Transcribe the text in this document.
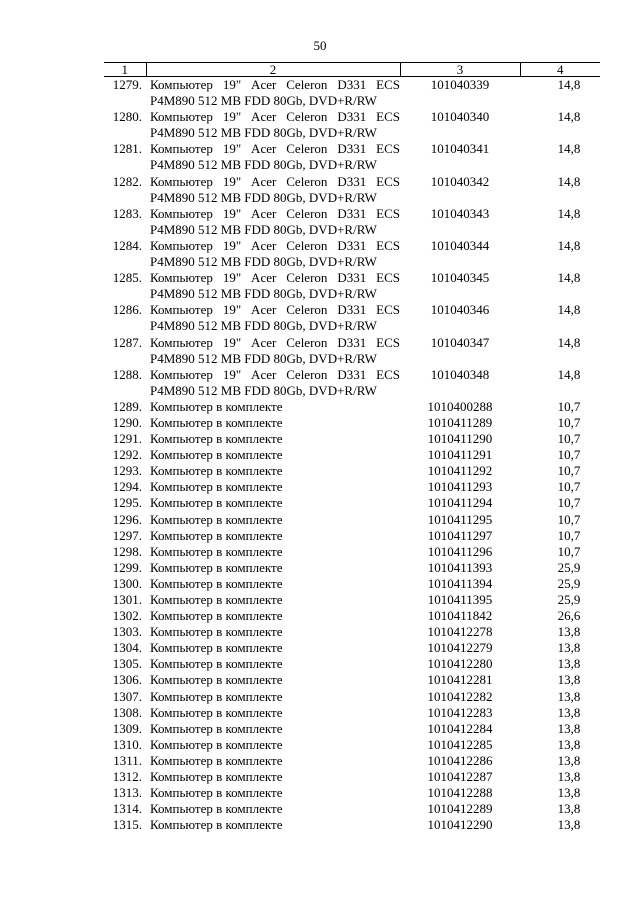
50
1	2	3	4
1279.	Компьютер 19" Acer Celeron D331 ECS
P4M890 512 MB FDD 80Gb, DVD+R/RW	101040339	14,8
1280.	Компьютер 19" Acer Celeron D331 ECS
P4M890 512 MB FDD 80Gb, DVD+R/RW	101040340	14,8
1281.	Компьютер 19" Acer Celeron D331 ECS
P4M890 512 MB FDD 80Gb, DVD+R/RW	101040341	14,8
1282.	Компьютер 19" Acer Celeron D331 ECS
P4M890 512 MB FDD 80Gb, DVD+R/RW	101040342	14,8
1283.	Компьютер 19" Acer Celeron D331 ECS
P4M890 512 MB FDD 80Gb, DVD+R/RW	101040343	14,8
1284.	Компьютер 19" Acer Celeron D331 ECS
P4M890 512 MB FDD 80Gb, DVD+R/RW	101040344	14,8
1285.	Компьютер 19" Acer Celeron D331 ECS
P4M890 512 MB FDD 80Gb, DVD+R/RW	101040345	14,8
1286.	Компьютер 19" Acer Celeron D331 ECS
P4M890 512 MB FDD 80Gb, DVD+R/RW	101040346	14,8
1287.	Компьютер 19" Acer Celeron D331 ECS
P4M890 512 MB FDD 80Gb, DVD+R/RW	101040347	14,8
1288.	Компьютер 19" Acer Celeron D331 ECS
P4M890 512 MB FDD 80Gb, DVD+R/RW	101040348	14,8
1289.	Компьютер в комплекте	1010400288	10,7
1290.	Компьютер в комплекте	1010411289	10,7
1291.	Компьютер в комплекте	1010411290	10,7
1292.	Компьютер в комплекте	1010411291	10,7
1293.	Компьютер в комплекте	1010411292	10,7
1294.	Компьютер в комплекте	1010411293	10,7
1295.	Компьютер в комплекте	1010411294	10,7
1296.	Компьютер в комплекте	1010411295	10,7
1297.	Компьютер в комплекте	1010411297	10,7
1298.	Компьютер в комплекте	1010411296	10,7
1299.	Компьютер в комплекте	1010411393	25,9
1300.	Компьютер в комплекте	1010411394	25,9
1301.	Компьютер в комплекте	1010411395	25,9
1302.	Компьютер в комплекте	1010411842	26,6
1303.	Компьютер в комплекте	1010412278	13,8
1304.	Компьютер в комплекте	1010412279	13,8
1305.	Компьютер в комплекте	1010412280	13,8
1306.	Компьютер в комплекте	1010412281	13,8
1307.	Компьютер в комплекте	1010412282	13,8
1308.	Компьютер в комплекте	1010412283	13,8
1309.	Компьютер в комплекте	1010412284	13,8
1310.	Компьютер в комплекте	1010412285	13,8
1311.	Компьютер в комплекте	1010412286	13,8
1312.	Компьютер в комплекте	1010412287	13,8
1313.	Компьютер в комплекте	1010412288	13,8
1314.	Компьютер в комплекте	1010412289	13,8
1315.	Компьютер в комплекте	1010412290	13,8
